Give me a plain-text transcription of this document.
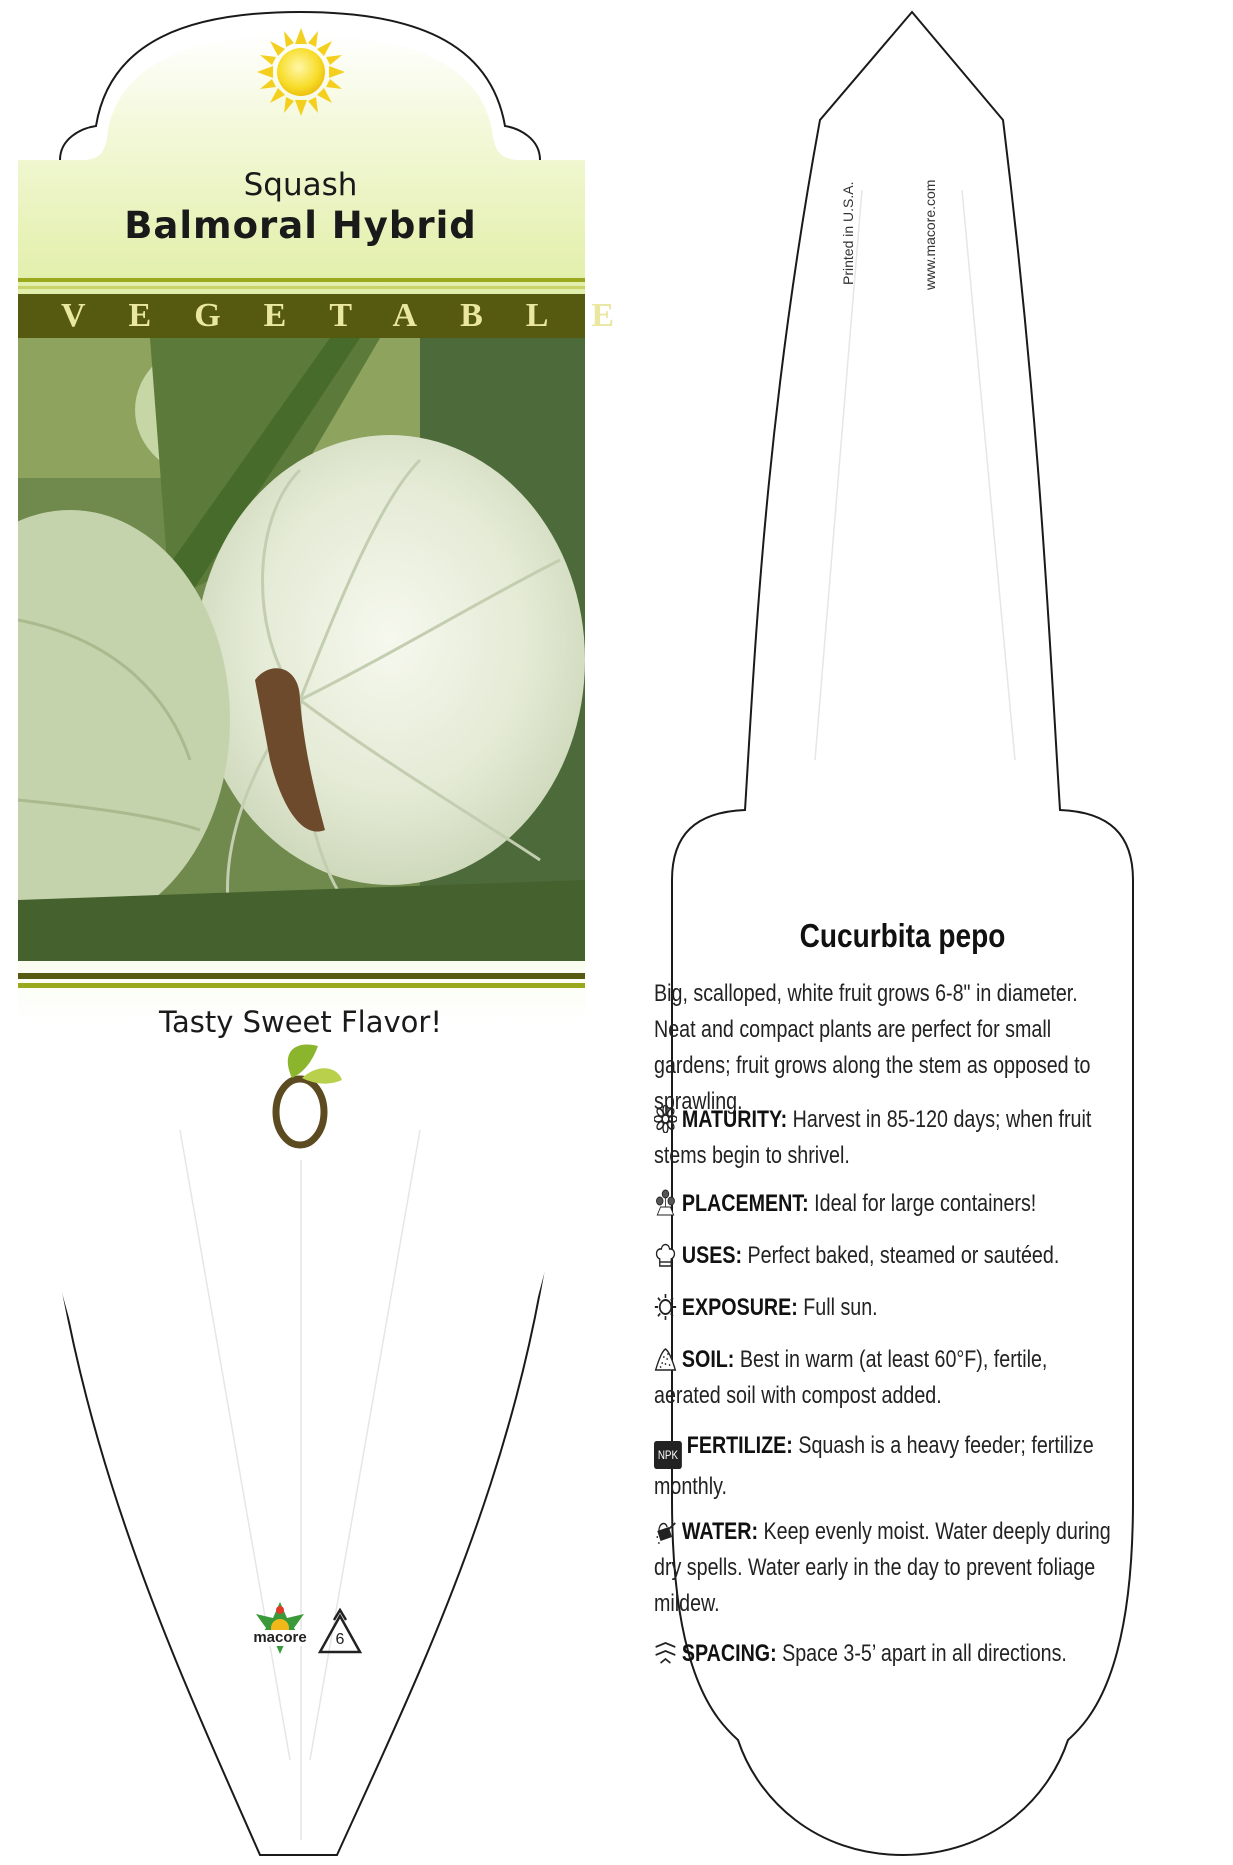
Squash
Balmoral Hybrid
VEGETABLE
Tasty Sweet Flavor!
macore	6
Printed in U.S.A.	www.macore.com
Cucurbita pepo
Big, scalloped, white fruit grows 6-8" in diameter. Neat and compact plants are perfect for small gardens; fruit grows along the stem as opposed to sprawling.
MATURITY: Harvest in 85-120 days; when fruit stems begin to shrivel.
PLACEMENT: Ideal for large containers!
USES: Perfect baked, steamed or sautéed.
EXPOSURE: Full sun.
SOIL: Best in warm (at least 60°F), fertile, aerated soil with compost added.
NPK FERTILIZE: Squash is a heavy feeder; fertilize monthly.
WATER: Keep evenly moist. Water deeply during dry spells. Water early in the day to prevent foliage mildew.
SPACING: Space 3-5’ apart in all directions.
